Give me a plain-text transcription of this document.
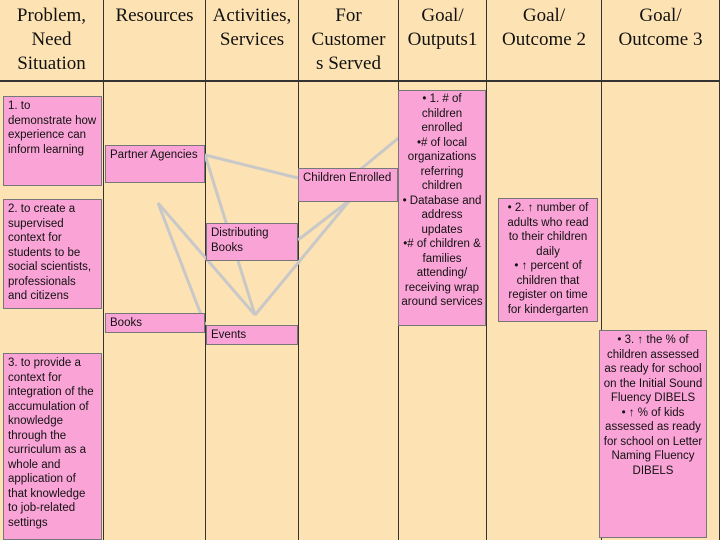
Problem,
Need
Situation
Resources	Activities,
Services
For
Customer
s Served
Goal/
Outputs1
Goal/
Outcome 2
Goal/
Outcome 3
1. to demonstrate how experience can inform learning
2. to create a supervised context for students to be social scientists, professionals and citizens
3. to provide a context for integration of the accumulation of knowledge through the curriculum as a whole and application of that knowledge to job-related settings
Partner Agencies
Books
Distributing Books
Events
Children Enrolled
• 1. # of children enrolled
•# of local organizations referring children
• Database and address updates
•# of children & families attending/ receiving wrap around services
• 2. ↑ number of adults who read to their children daily
• ↑ percent of children that register on time for kindergarten
• 3. ↑ the % of children assessed as ready for school on the Initial Sound Fluency DIBELS
• ↑ % of kids assessed as ready for school on Letter Naming Fluency DIBELS
